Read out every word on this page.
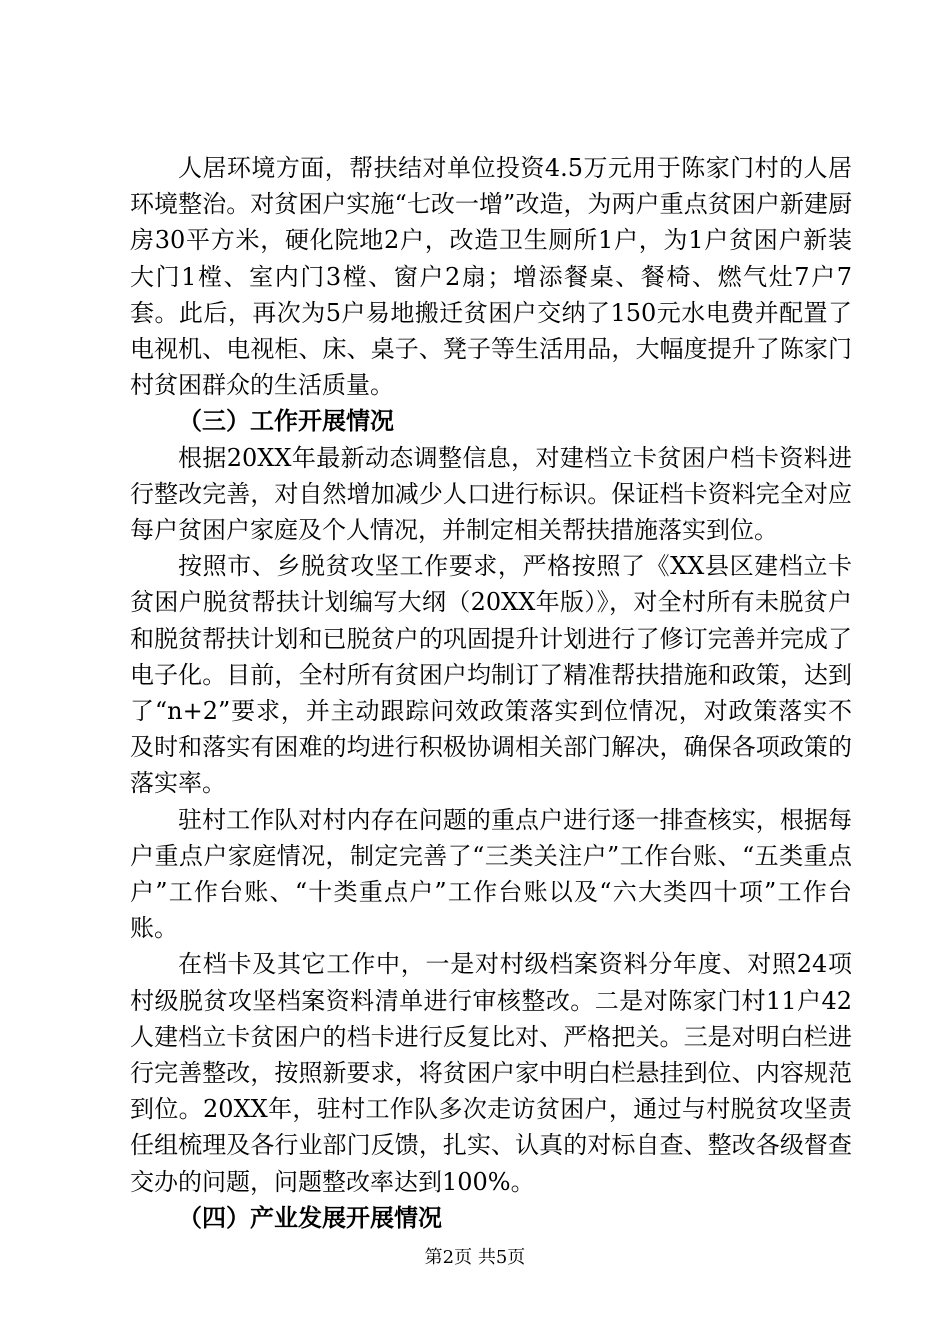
人居环境方面，帮扶结对单位投资4.5万元用于陈家门村的人居环境整治。对贫困户实施“七改一增”改造，为两户重点贫困户新建厨房30平方米，硬化院地2户，改造卫生厕所1户，为1户贫困户新装大门1樘、室内门3樘、窗户2扇；增添餐桌、餐椅、燃气灶7户7套。此后，再次为5户易地搬迁贫困户交纳了150元水电费并配置了电视机、电视柜、床、桌子、凳子等生活用品，大幅度提升了陈家门村贫困群众的生活质量。

（三）工作开展情况

根据20XX年最新动态调整信息，对建档立卡贫困户档卡资料进行整改完善，对自然增加减少人口进行标识。保证档卡资料完全对应每户贫困户家庭及个人情况，并制定相关帮扶措施落实到位。

按照市、乡脱贫攻坚工作要求，严格按照了《XX县区建档立卡贫困户脱贫帮扶计划编写大纲（20XX年版）》，对全村所有未脱贫户和脱贫帮扶计划和已脱贫户的巩固提升计划进行了修订完善并完成了电子化。目前，全村所有贫困户均制订了精准帮扶措施和政策，达到了“n+2”要求，并主动跟踪问效政策落实到位情况，对政策落实不及时和落实有困难的均进行积极协调相关部门解决，确保各项政策的落实率。

驻村工作队对村内存在问题的重点户进行逐一排查核实，根据每户重点户家庭情况，制定完善了“三类关注户”工作台账、“五类重点户”工作台账、“十类重点户”工作台账以及“六大类四十项”工作台账。

在档卡及其它工作中，一是对村级档案资料分年度、对照24项村级脱贫攻坚档案资料清单进行审核整改。二是对陈家门村11户42人建档立卡贫困户的档卡进行反复比对、严格把关。三是对明白栏进行完善整改，按照新要求，将贫困户家中明白栏悬挂到位、内容规范到位。20XX年，驻村工作队多次走访贫困户，通过与村脱贫攻坚责任组梳理及各行业部门反馈，扎实、认真的对标自查、整改各级督查交办的问题，问题整改率达到100%。

（四）产业发展开展情况
第2页 共5页
